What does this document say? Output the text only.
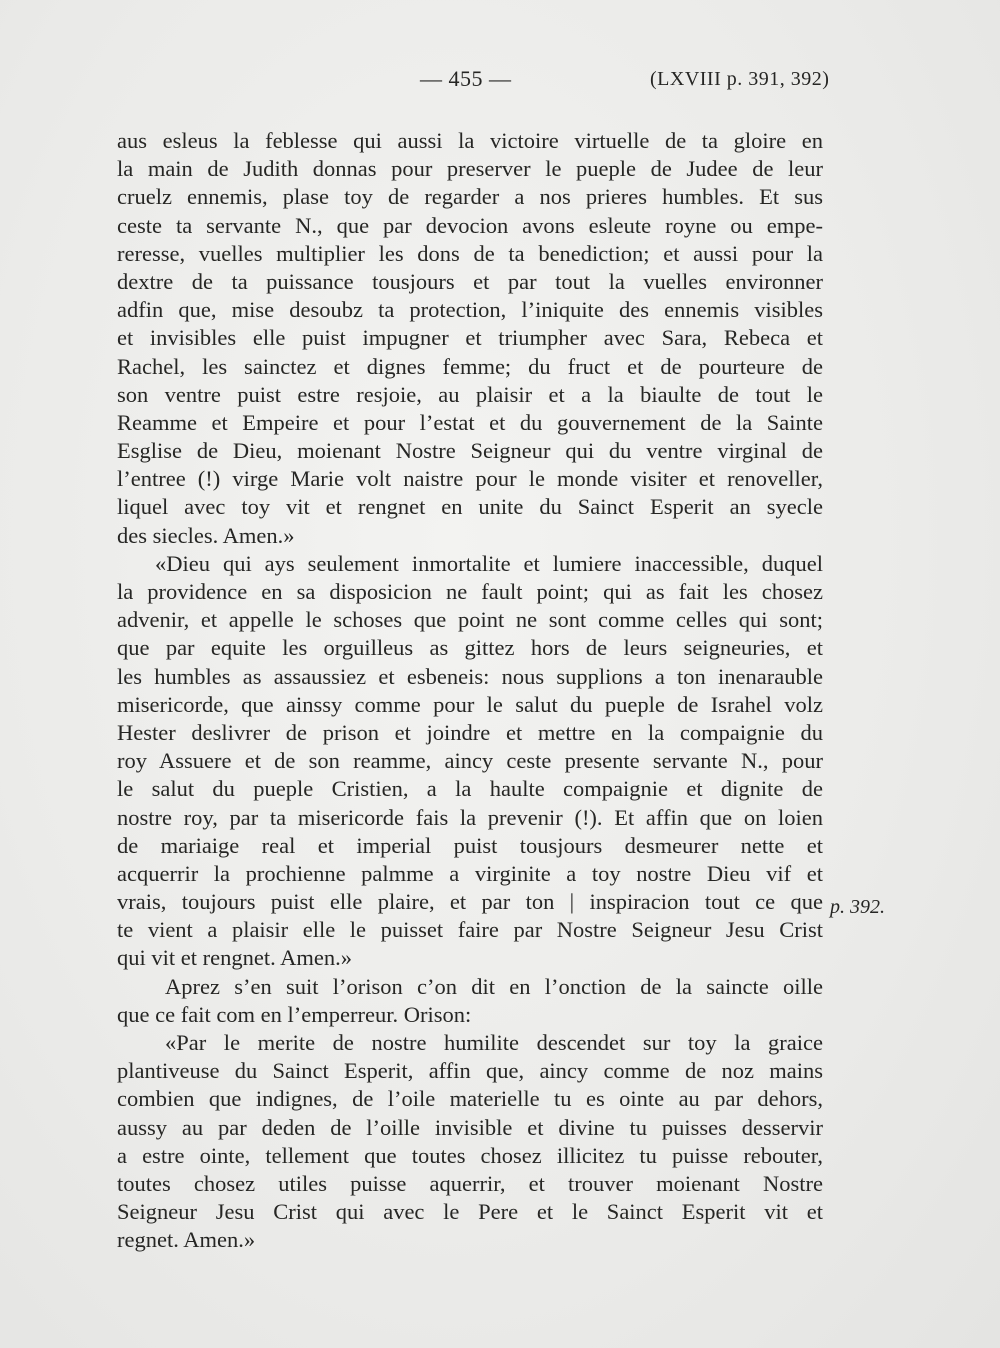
— 455 —	(LXVIII p. 391, 392)
aus esleus la feblesse qui aussi la victoire virtuelle de ta gloire en
la main de Judith donnas pour preserver le pueple de Judee de leur
cruelz ennemis, plase toy de regarder a nos prieres humbles. Et sus
ceste ta servante N., que par devocion avons esleute royne ou empe-
reresse, vuelles multiplier les dons de ta benediction; et aussi pour la
dextre de ta puissance tousjours et par tout la vuelles environner
adfin que, mise desoubz ta protection, l’iniquite des ennemis visibles
et invisibles elle puist impugner et triumpher avec Sara, Rebeca et
Rachel, les sainctez et dignes femme; du fruct et de pourteure de
son ventre puist estre resjoie, au plaisir et a la biaulte de tout le
Reamme et Empeire et pour l’estat et du gouvernement de la Sainte
Esglise de Dieu, moienant Nostre Seigneur qui du ventre virginal de
l’entree (!) virge Marie volt naistre pour le monde visiter et renoveller,
liquel avec toy vit et rengnet en unite du Sainct Esperit an syecle
des siecles. Amen.»
«Dieu qui ays seulement inmortalite et lumiere inaccessible, duquel
la providence en sa disposicion ne fault point; qui as fait les chosez
advenir, et appelle le schoses que point ne sont comme celles qui sont;
que par equite les orguilleus as gittez hors de leurs seigneuries, et
les humbles as assaussiez et esbeneis: nous supplions a ton inenarauble
misericorde, que ainssy comme pour le salut du pueple de Israhel volz
Hester deslivrer de prison et joindre et mettre en la compaignie du
roy Assuere et de son reamme, aincy ceste presente servante N., pour
le salut du pueple Cristien, a la haulte compaignie et dignite de
nostre roy, par ta misericorde fais la prevenir (!). Et affin que on loien
de mariaige real et imperial puist tousjours desmeurer nette et
acquerrir la prochienne palmme a virginite a toy nostre Dieu vif et
vrais, toujours puist elle plaire, et par ton | inspiracion tout ce que
te vient a plaisir elle le puisset faire par Nostre Seigneur Jesu Crist
qui vit et rengnet. Amen.»
Aprez s’en suit l’orison c’on dit en l’onction de la saincte oille
que ce fait com en l’emperreur. Orison:
«Par le merite de nostre humilite descendet sur toy la graice
plantiveuse du Sainct Esperit, affin que, aincy comme de noz mains
combien que indignes, de l’oile materielle tu es ointe au par dehors,
aussy au par deden de l’oille invisible et divine tu puisses desservir
a estre ointe, tellement que toutes chosez illicitez tu puisse rebouter,
toutes chosez utiles puisse aquerrir, et trouver moienant Nostre
Seigneur Jesu Crist qui avec le Pere et le Sainct Esperit vit et
regnet. Amen.»
p. 392.
